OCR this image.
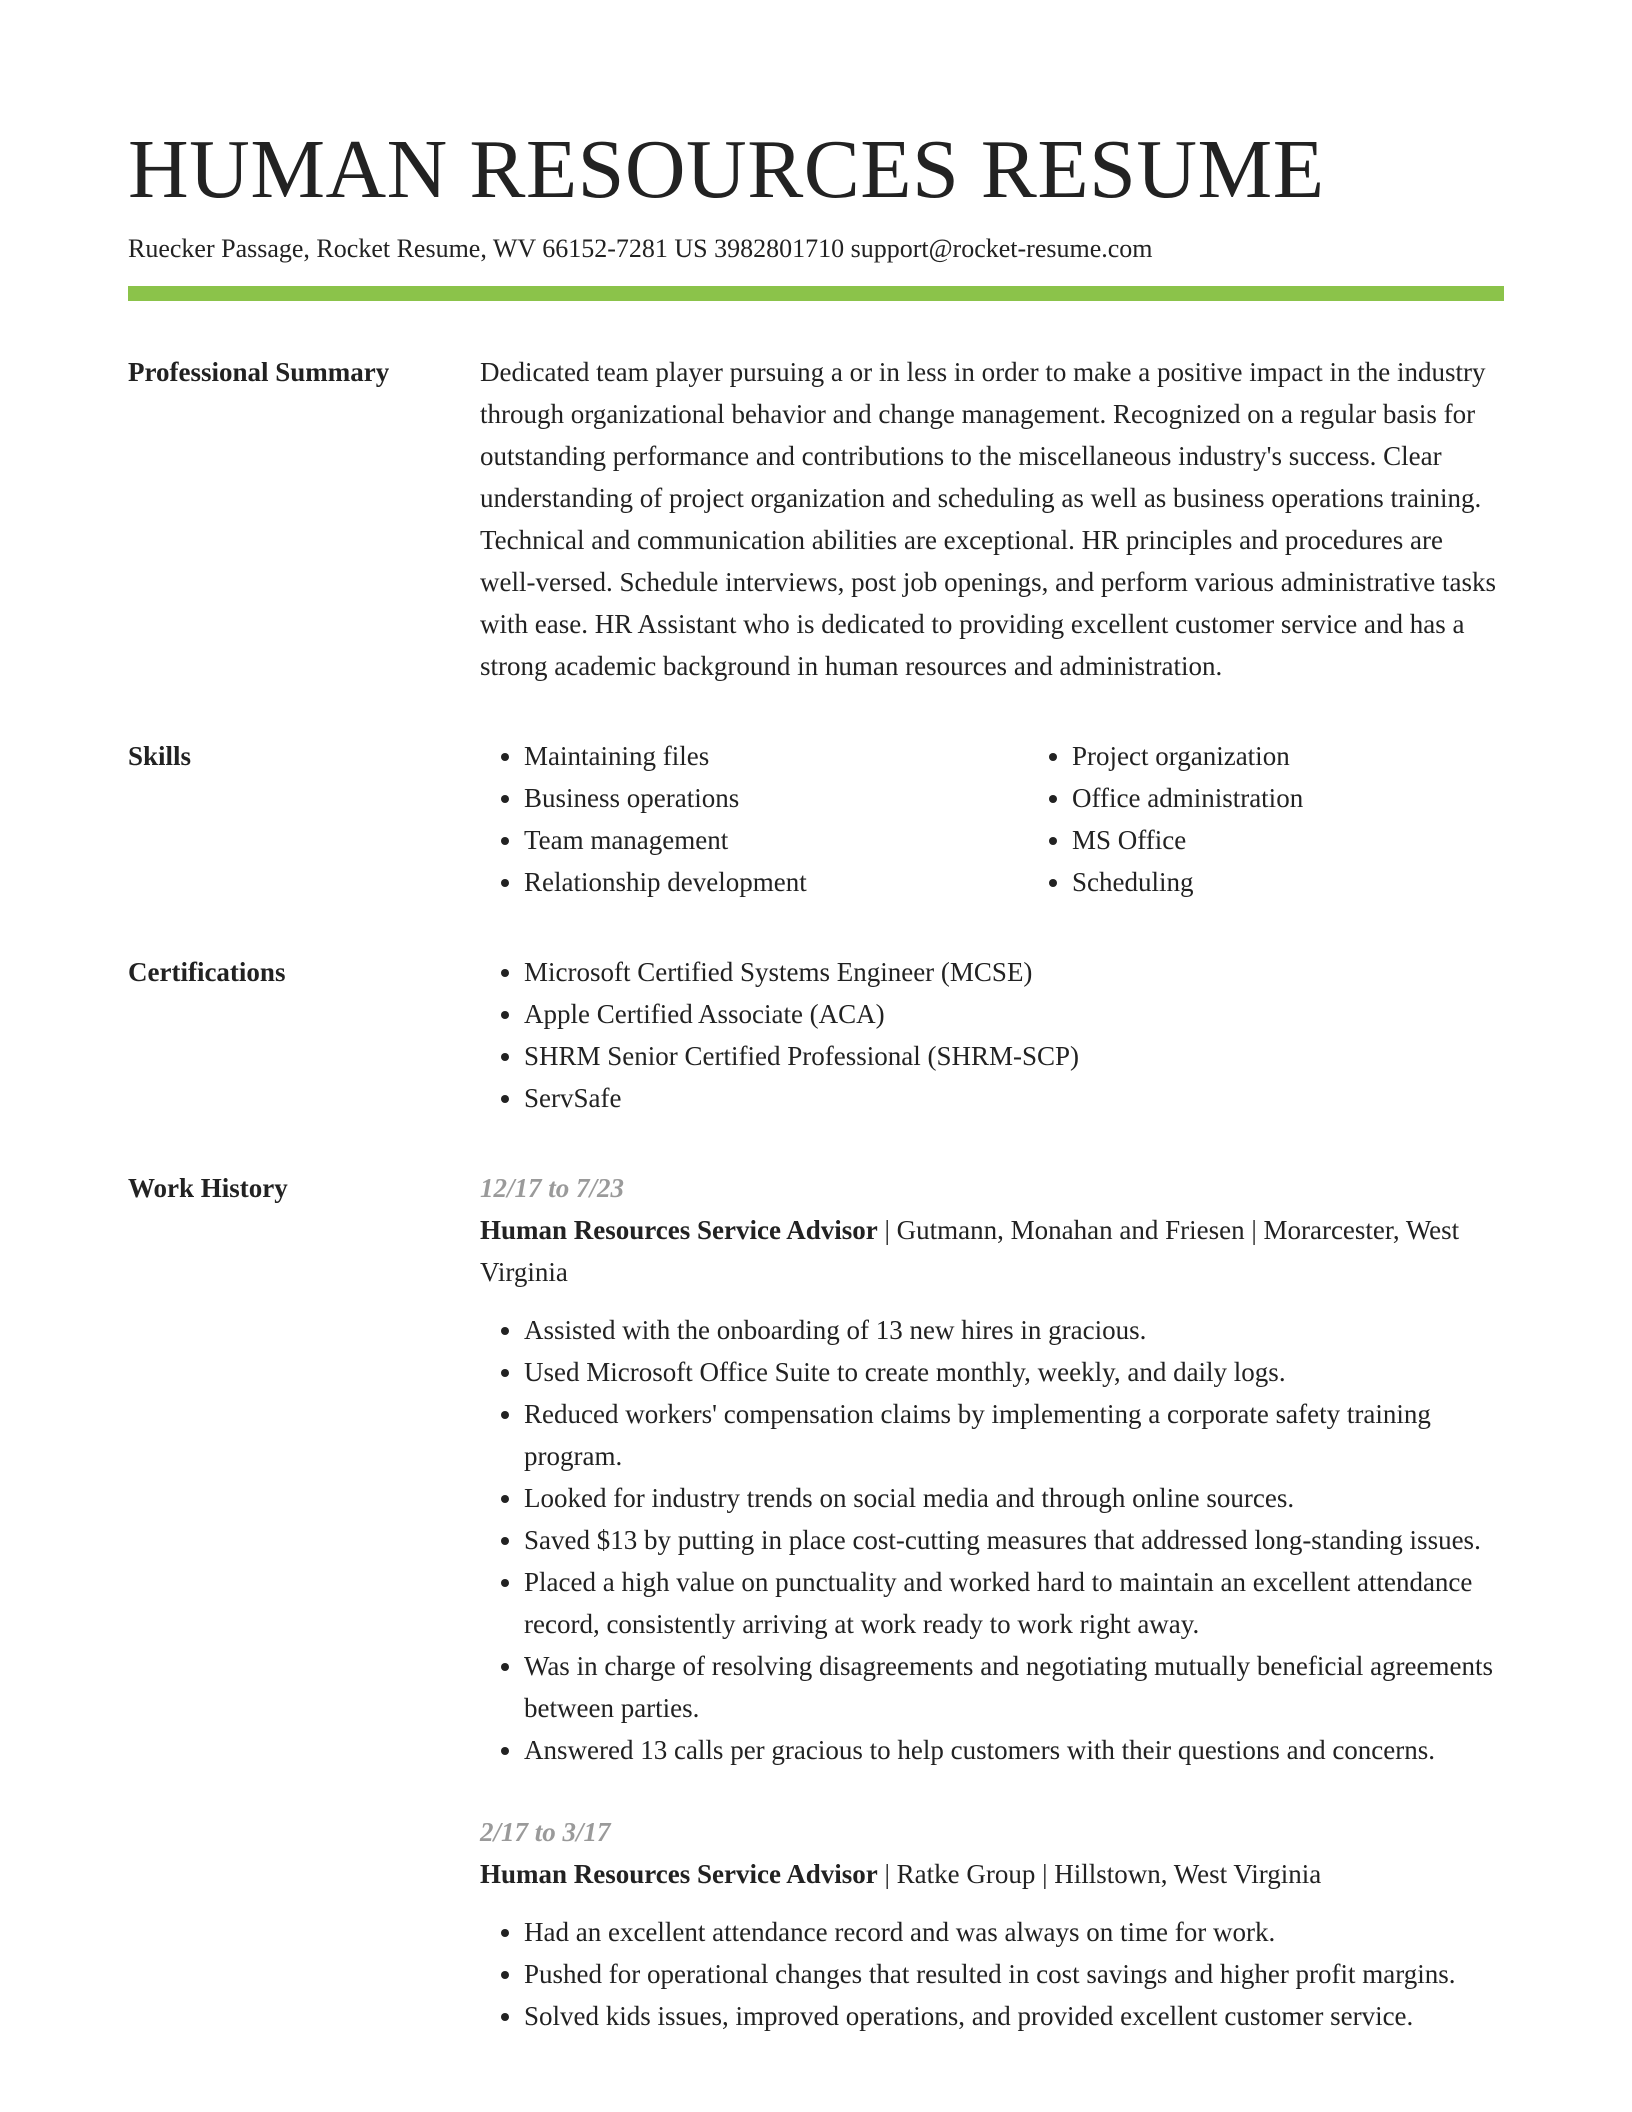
HUMAN RESOURCES RESUME
Ruecker Passage, Rocket Resume, WV 66152-7281 US 3982801710 support@rocket-resume.com
Professional Summary	Dedicated team player pursuing a or in less in order to make a positive impact in the industry through organizational behavior and change management. Recognized on a regular basis for outstanding performance and contributions to the miscellaneous industry's success. Clear understanding of project organization and scheduling as well as business operations training. Technical and communication abilities are exceptional. HR principles and procedures are well-versed. Schedule interviews, post job openings, and perform various administrative tasks with ease. HR Assistant who is dedicated to providing excellent customer service and has a strong academic background in human resources and administration.

Skills	• Maintaining files
• Business operations
• Team management
• Relationship development
• Project organization
• Office administration
• MS Office
• Scheduling
Certifications	• Microsoft Certified Systems Engineer (MCSE)
• Apple Certified Associate (ACA)
• SHRM Senior Certified Professional (SHRM-SCP)
• ServSafe
Work History	12/17 to 7/23
Human Resources Service Advisor | Gutmann, Monahan and Friesen | Morarcester, West Virginia
• Assisted with the onboarding of 13 new hires in gracious.
• Used Microsoft Office Suite to create monthly, weekly, and daily logs.
• Reduced workers' compensation claims by implementing a corporate safety training program.
• Looked for industry trends on social media and through online sources.
• Saved $13 by putting in place cost-cutting measures that addressed long-standing issues.
• Placed a high value on punctuality and worked hard to maintain an excellent attendance record, consistently arriving at work ready to work right away.
• Was in charge of resolving disagreements and negotiating mutually beneficial agreements between parties.
• Answered 13 calls per gracious to help customers with their questions and concerns.
2/17 to 3/17
Human Resources Service Advisor | Ratke Group | Hillstown, West Virginia
• Had an excellent attendance record and was always on time for work.
• Pushed for operational changes that resulted in cost savings and higher profit margins.
• Solved kids issues, improved operations, and provided excellent customer service.
